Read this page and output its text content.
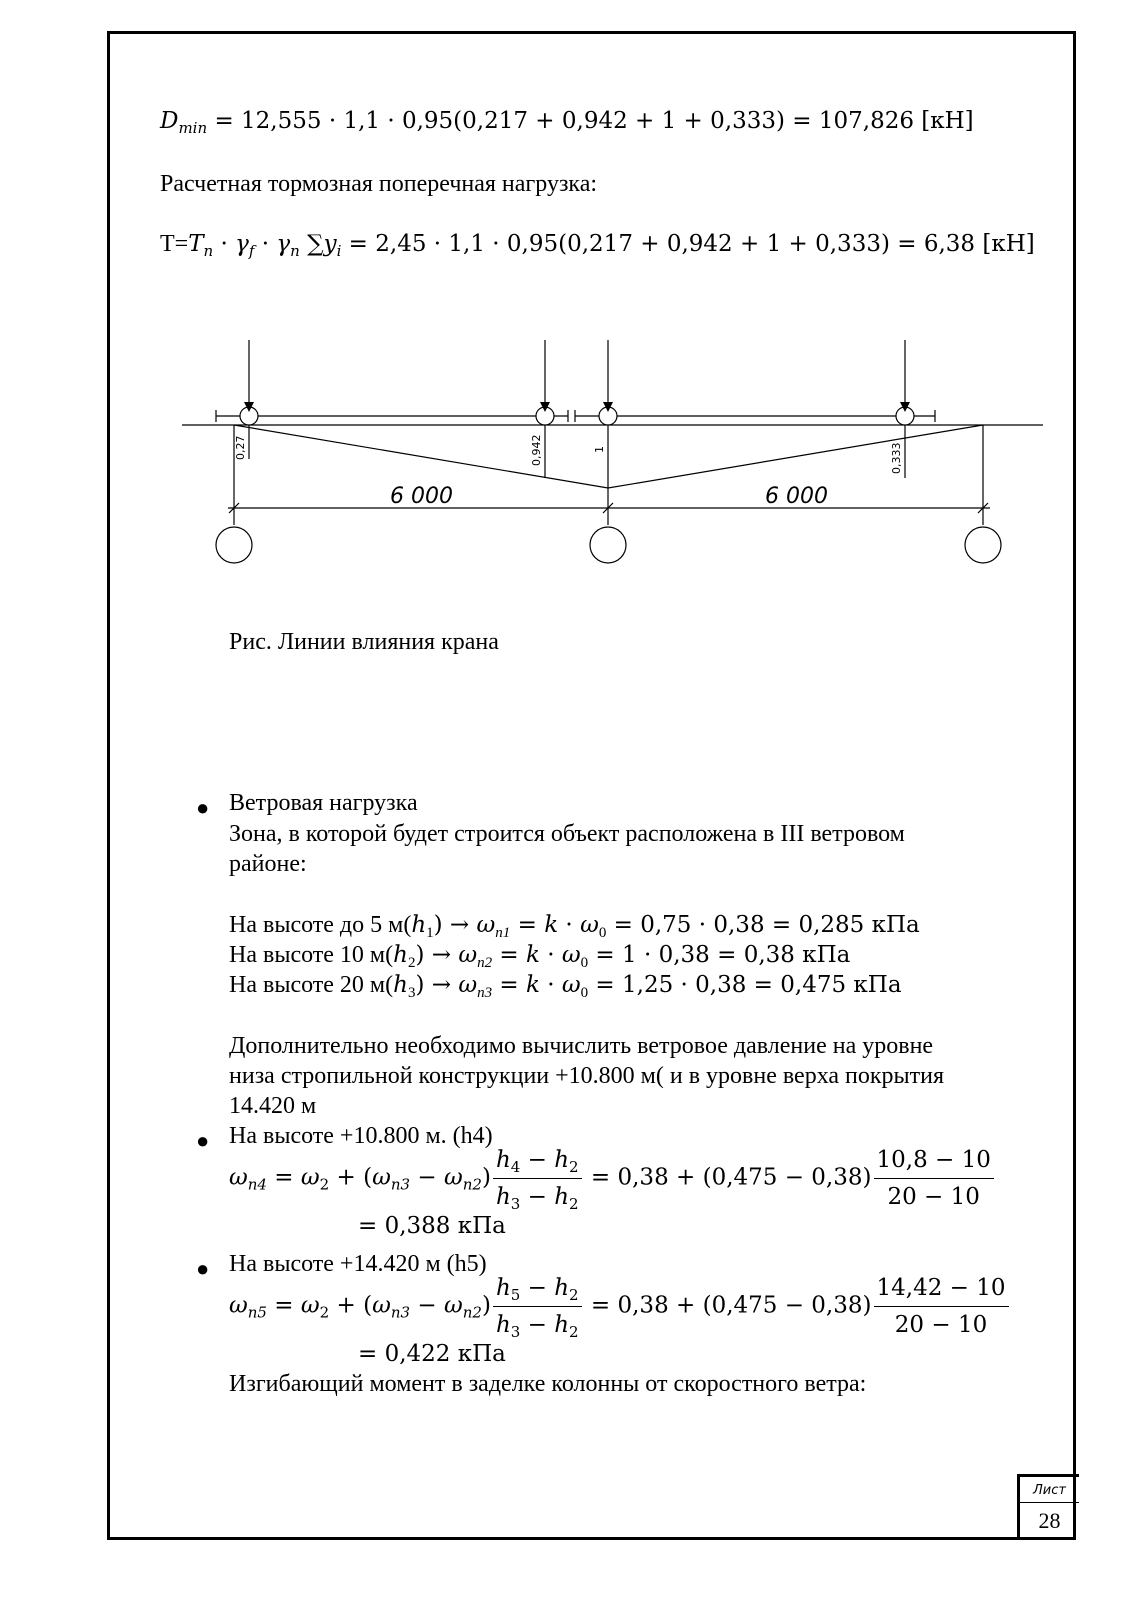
$D_{min} = 12,555 \cdot 1,1 \cdot 0,95(0,217 + 0,942 + 1 + 0,333) = 107,826$ [кН]
Расчетная тормозная поперечная нагрузка:
$T=T_n \cdot \gamma_f \cdot \gamma_n$ $\sum y_i = 2,45 \cdot 1,1 \cdot 0,95(0,217 + 0,942 + 1 + 0,333) = 6,38$ [кН]
0,27	0,942	1	0,333
6 000	6 000
Рис. Линии влияния крана
● Ветровая нагрузка
Зона, в которой будет строится объект расположена в III ветровом
районе:
На высоте до 5 $м(h_1) \to \omega_{n1} = k \cdot \omega_0 = 0,75 \cdot 0,38 = 0,285$ кПа
На высоте 10 $м(h_2) \to \omega_{n2} = k \cdot \omega_0 = 1 \cdot 0,38 = 0,38$ кПа
На высоте 20 $м(h_3) \to \omega_{n3} = k \cdot \omega_0 = 1,25 \cdot 0,38 = 0,475$ кПа
Дополнительно необходимо вычислить ветровое давление на уровне
низа стропильной конструкции +10.800 м( и в уровне верха покрытия
14.420 м
● На высоте +10.800 м. (h4)
$\omega_{n4} = \omega_2 + (\omega_{n3} - \omega_{n2}) \frac{h_4 - h_2}{h_3 - h_2} = 0,38 + (0,475 - 0,38) \frac{10,8 - 10}{20 - 10}$
= 0,388 кПа
● На высоте +14.420 м (h5)
$\omega_{n5} = \omega_2 + (\omega_{n3} - \omega_{n2}) \frac{h_5 - h_2}{h_3 - h_2} = 0,38 + (0,475 - 0,38) \frac{14,42 - 10}{20 - 10}$
= 0,422 кПа
Изгибающий момент в заделке колонны от скоростного ветра:
Лист
28
